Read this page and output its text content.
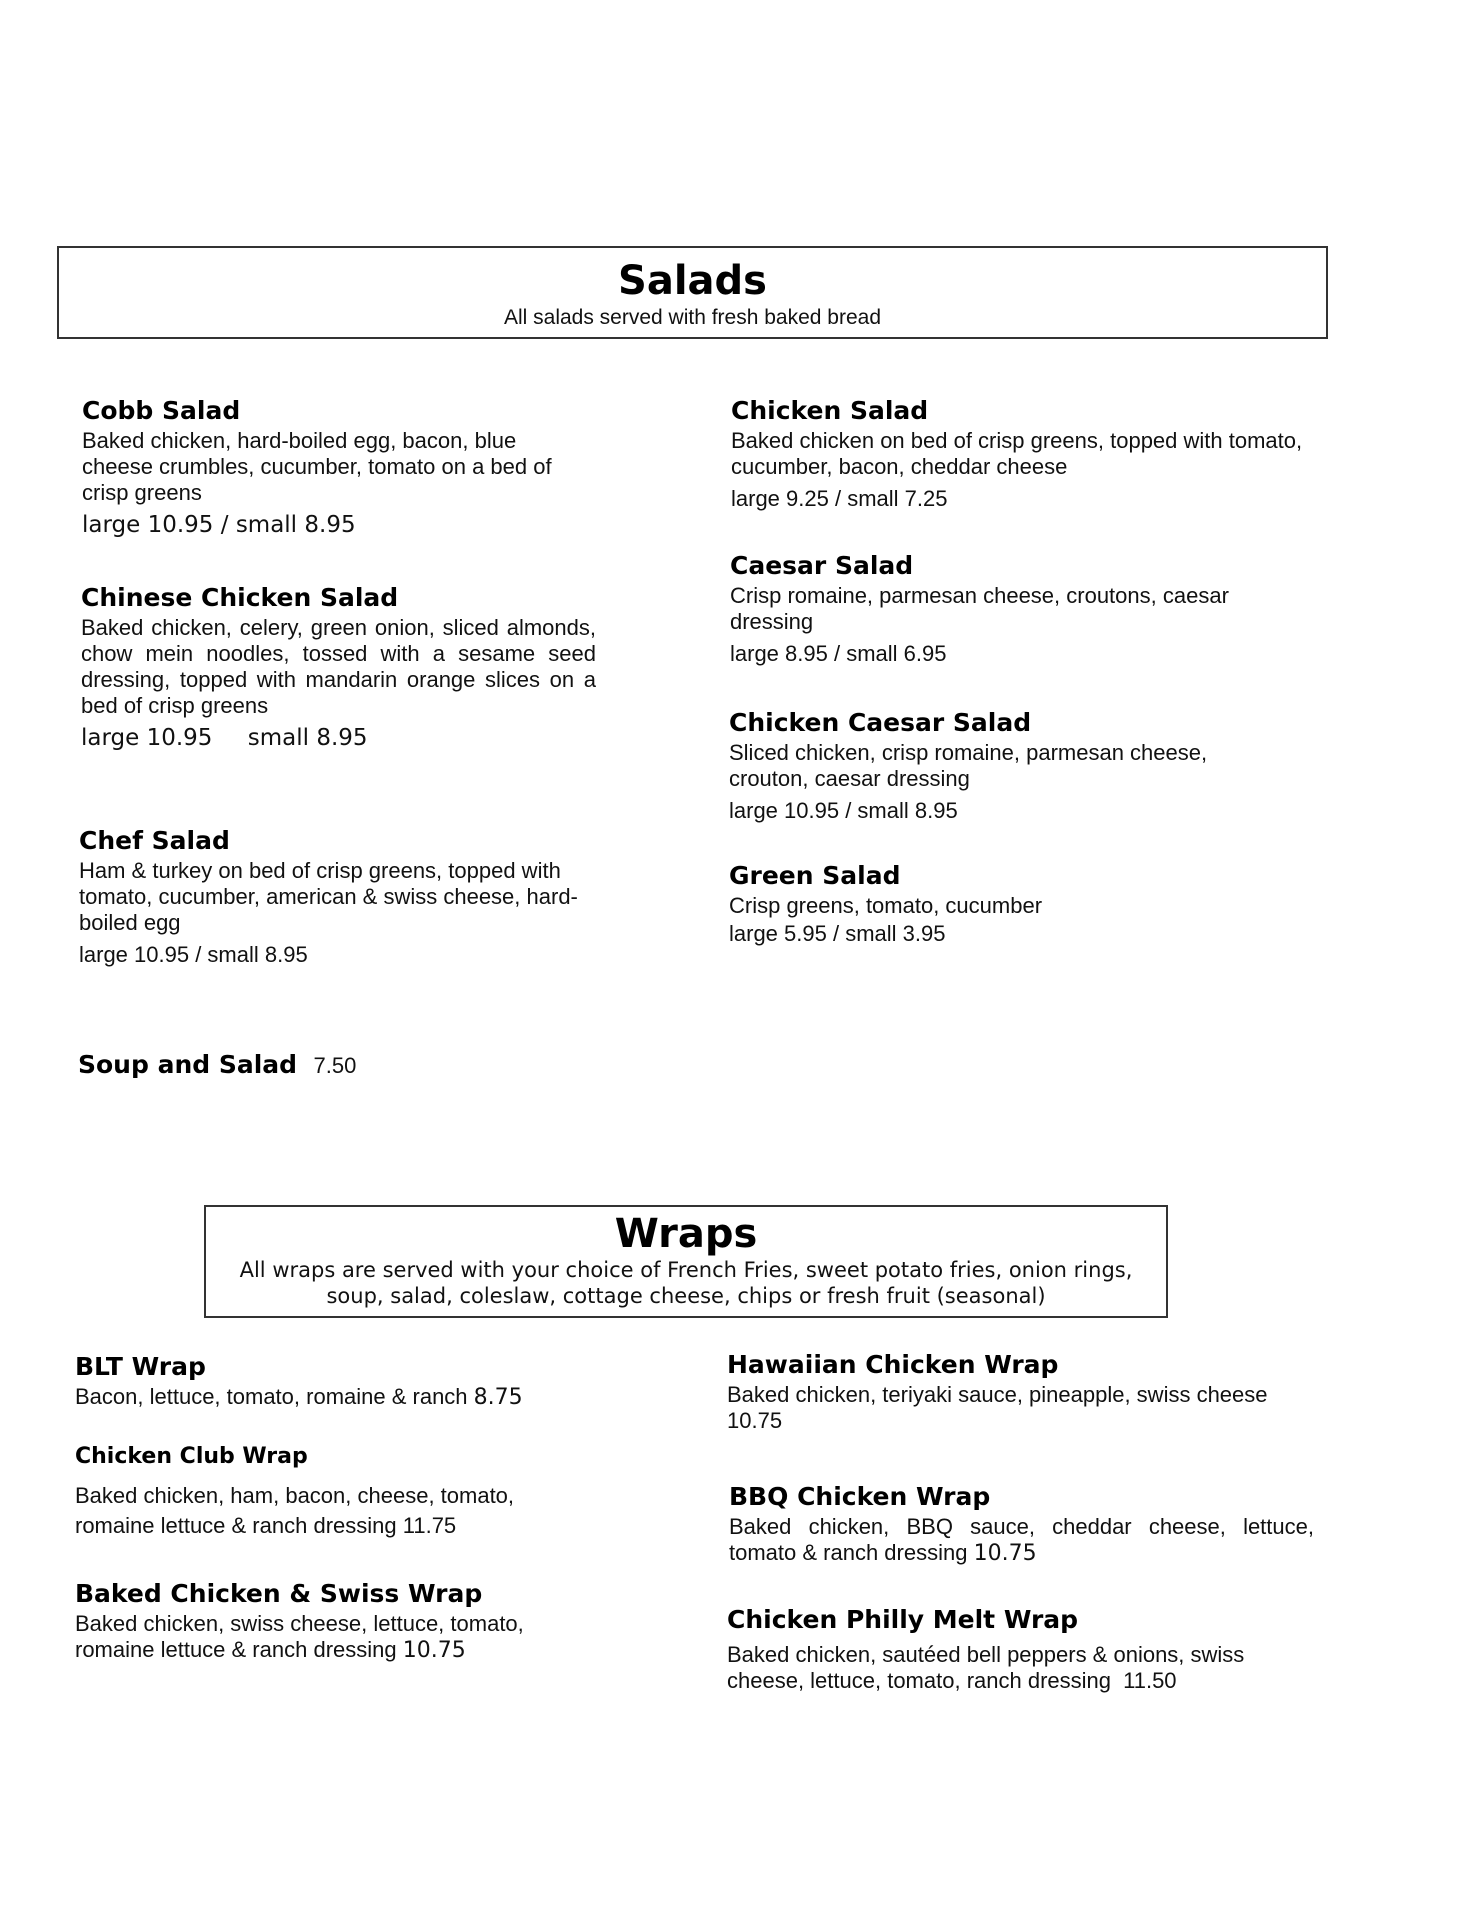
Salads
All salads served with fresh baked bread
Cobb Salad
Baked chicken, hard-boiled egg, bacon, blue cheese crumbles, cucumber, tomato on a bed of crisp greens
large 10.95 / small 8.95
Chinese Chicken Salad
Baked chicken, celery, green onion, sliced almonds, chow mein noodles, tossed with a sesame seed dressing, topped with mandarin orange slices on a bed of crisp greens
large 10.95 small 8.95
Chef Salad
Ham & turkey on bed of crisp greens, topped with tomato, cucumber, american & swiss cheese, hard-boiled egg
large 10.95 / small 8.95
Soup and Salad 7.50
Chicken Salad
Baked chicken on bed of crisp greens, topped with tomato, cucumber, bacon, cheddar cheese
large 9.25 / small 7.25
Caesar Salad
Crisp romaine, parmesan cheese, croutons, caesar dressing
large 8.95 / small 6.95
Chicken Caesar Salad
Sliced chicken, crisp romaine, parmesan cheese, crouton, caesar dressing
large 10.95 / small 8.95
Green Salad
Crisp greens, tomato, cucumber
large 5.95 / small 3.95
Wraps
All wraps are served with your choice of French Fries, sweet potato fries, onion rings, soup, salad, coleslaw, cottage cheese, chips or fresh fruit (seasonal)
BLT Wrap
Bacon, lettuce, tomato, romaine & ranch 8.75
Chicken Club Wrap
Baked chicken, ham, bacon, cheese, tomato, romaine lettuce & ranch dressing 11.75
Baked Chicken & Swiss Wrap
Baked chicken, swiss cheese, lettuce, tomato, romaine lettuce & ranch dressing 10.75
Hawaiian Chicken Wrap
Baked chicken, teriyaki sauce, pineapple, swiss cheese
10.75
BBQ Chicken Wrap
Baked chicken, BBQ sauce, cheddar cheese, lettuce, tomato & ranch dressing 10.75
Chicken Philly Melt Wrap
Baked chicken, sautéed bell peppers & onions, swiss cheese, lettuce, tomato, ranch dressing 11.50
